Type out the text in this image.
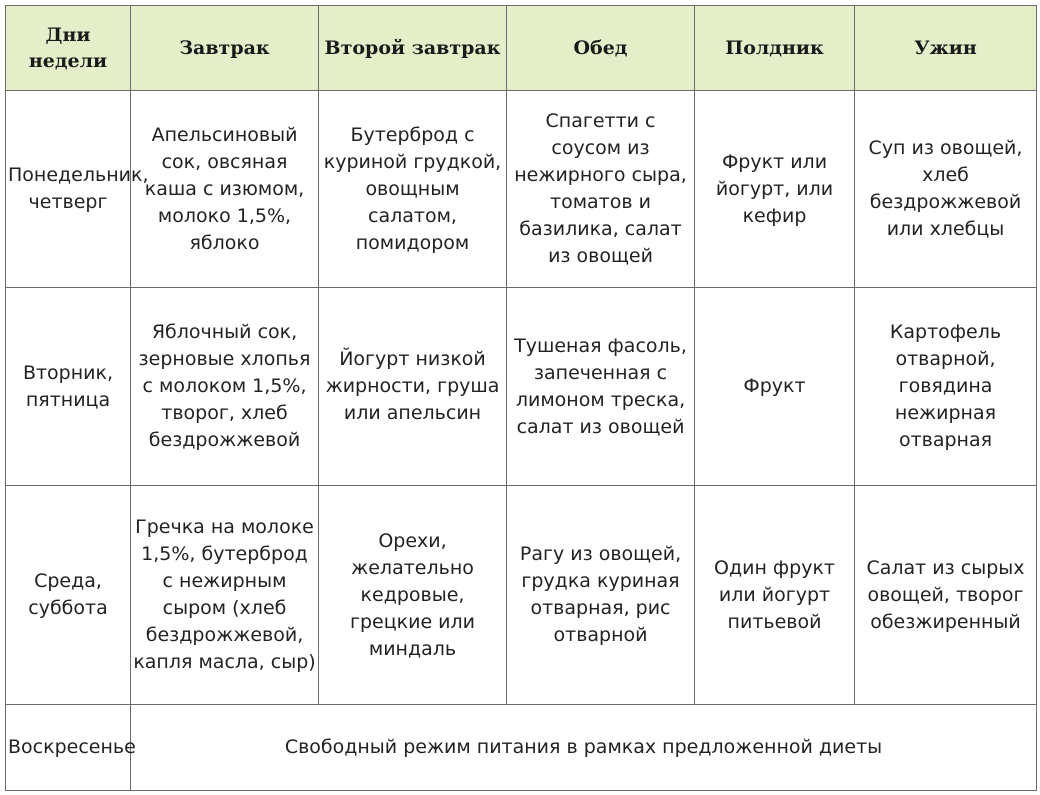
Дни недели	Завтрак	Второй завтрак	Обед	Полдник	Ужин

Понедельник, четверг	Апельсиновый сок, овсяная каша с изюмом, молоко 1,5%, яблоко	Бутерброд с куриной грудкой, овощным салатом, помидором	Спагетти с соусом из нежирного сыра, томатов и базилика, салат из овощей	Фрукт или йогурт, или кефир	Суп из овощей, хлеб бездрожжевой или хлебцы

Вторник, пятница	Яблочный сок, зерновые хлопья с молоком 1,5%, творог, хлеб бездрожжевой	Йогурт низкой жирности, груша или апельсин	Тушеная фасоль, запеченная с лимоном треска, салат из овощей	Фрукт	Картофель отварной, говядина нежирная отварная

Среда, суббота	Гречка на молоке 1,5%, бутерброд с нежирным сыром (хлеб бездрожжевой, капля масла, сыр)	Орехи, желательно кедровые, грецкие или миндаль	Рагу из овощей, грудка куриная отварная, рис отварной	Один фрукт или йогурт питьевой	Салат из сырых овощей, творог обезжиренный

Воскресенье	Свободный режим питания в рамках предложенной диеты				
